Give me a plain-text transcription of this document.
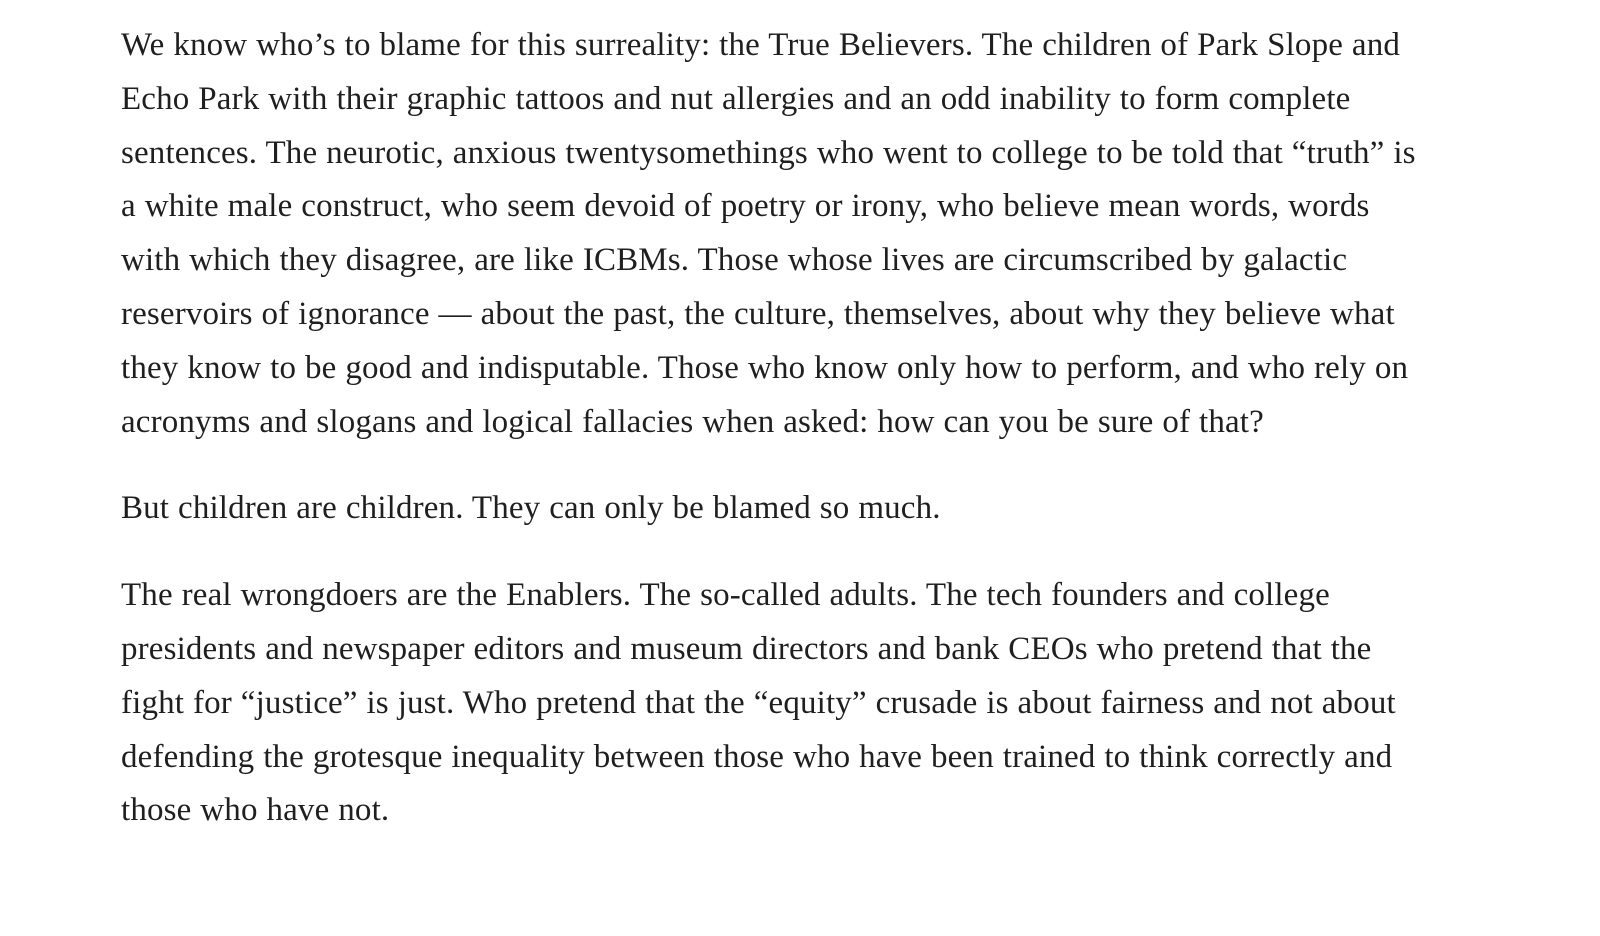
We know who’s to blame for this surreality: the True Believers. The children of Park Slope and Echo Park with their graphic tattoos and nut allergies and an odd inability to form complete sentences. The neurotic, anxious twentysomethings who went to college to be told that “truth” is a white male construct, who seem devoid of poetry or irony, who believe mean words, words with which they disagree, are like ICBMs. Those whose lives are circumscribed by galactic reservoirs of ignorance — about the past, the culture, themselves, about why they believe what they know to be good and indisputable. Those who know only how to perform, and who rely on acronyms and slogans and logical fallacies when asked: how can you be sure of that?

But children are children. They can only be blamed so much.

The real wrongdoers are the Enablers. The so-called adults. The tech founders and college presidents and newspaper editors and museum directors and bank CEOs who pretend that the fight for “justice” is just. Who pretend that the “equity” crusade is about fairness and not about defending the grotesque inequality between those who have been trained to think correctly and those who have not.
